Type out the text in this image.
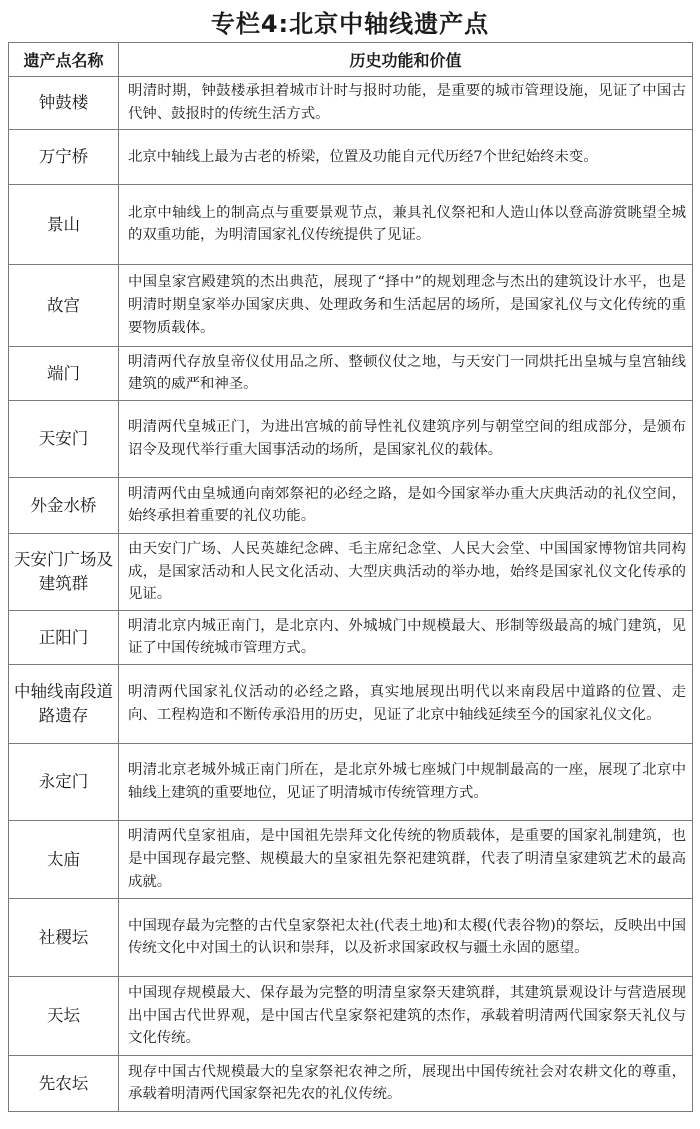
专栏4:北京中轴线遗产点
遗产点名称	历史功能和价值
钟鼓楼	明清时期，钟鼓楼承担着城市计时与报时功能，是重要的城市管理设施，见证了中国古代钟、鼓报时的传统生活方式。
万宁桥	北京中轴线上最为古老的桥梁，位置及功能自元代历经7个世纪始终未变。
景山	北京中轴线上的制高点与重要景观节点，兼具礼仪祭祀和人造山体以登高游赏眺望全城的双重功能，为明清国家礼仪传统提供了见证。
故宫	中国皇家宫殿建筑的杰出典范，展现了“择中”的规划理念与杰出的建筑设计水平，也是明清时期皇家举办国家庆典、处理政务和生活起居的场所，是国家礼仪与文化传统的重要物质载体。
端门	明清两代存放皇帝仪仗用品之所、整顿仪仗之地，与天安门一同烘托出皇城与皇宫轴线建筑的威严和神圣。
天安门	明清两代皇城正门，为进出宫城的前导性礼仪建筑序列与朝堂空间的组成部分，是颁布诏令及现代举行重大国事活动的场所，是国家礼仪的载体。
外金水桥	明清两代由皇城通向南郊祭祀的必经之路，是如今国家举办重大庆典活动的礼仪空间，始终承担着重要的礼仪功能。
天安门广场及建筑群	由天安门广场、人民英雄纪念碑、毛主席纪念堂、人民大会堂、中国国家博物馆共同构成，是国家活动和人民文化活动、大型庆典活动的举办地，始终是国家礼仪文化传承的见证。
正阳门	明清北京内城正南门，是北京内、外城城门中规模最大、形制等级最高的城门建筑，见证了中国传统城市管理方式。
中轴线南段道路遗存	明清两代国家礼仪活动的必经之路，真实地展现出明代以来南段居中道路的位置、走向、工程构造和不断传承沿用的历史，见证了北京中轴线延续至今的国家礼仪文化。
永定门	明清北京老城外城正南门所在，是北京外城七座城门中规制最高的一座，展现了北京中轴线上建筑的重要地位，见证了明清城市传统管理方式。
太庙	明清两代皇家祖庙，是中国祖先崇拜文化传统的物质载体，是重要的国家礼制建筑，也是中国现存最完整、规模最大的皇家祖先祭祀建筑群，代表了明清皇家建筑艺术的最高成就。
社稷坛	中国现存最为完整的古代皇家祭祀太社(代表土地)和太稷(代表谷物)的祭坛，反映出中国传统文化中对国土的认识和崇拜，以及祈求国家政权与疆土永固的愿望。
天坛	中国现存规模最大、保存最为完整的明清皇家祭天建筑群，其建筑景观设计与营造展现出中国古代世界观，是中国古代皇家祭祀建筑的杰作，承载着明清两代国家祭天礼仪与文化传统。
先农坛	现存中国古代规模最大的皇家祭祀农神之所，展现出中国传统社会对农耕文化的尊重，承载着明清两代国家祭祀先农的礼仪传统。
